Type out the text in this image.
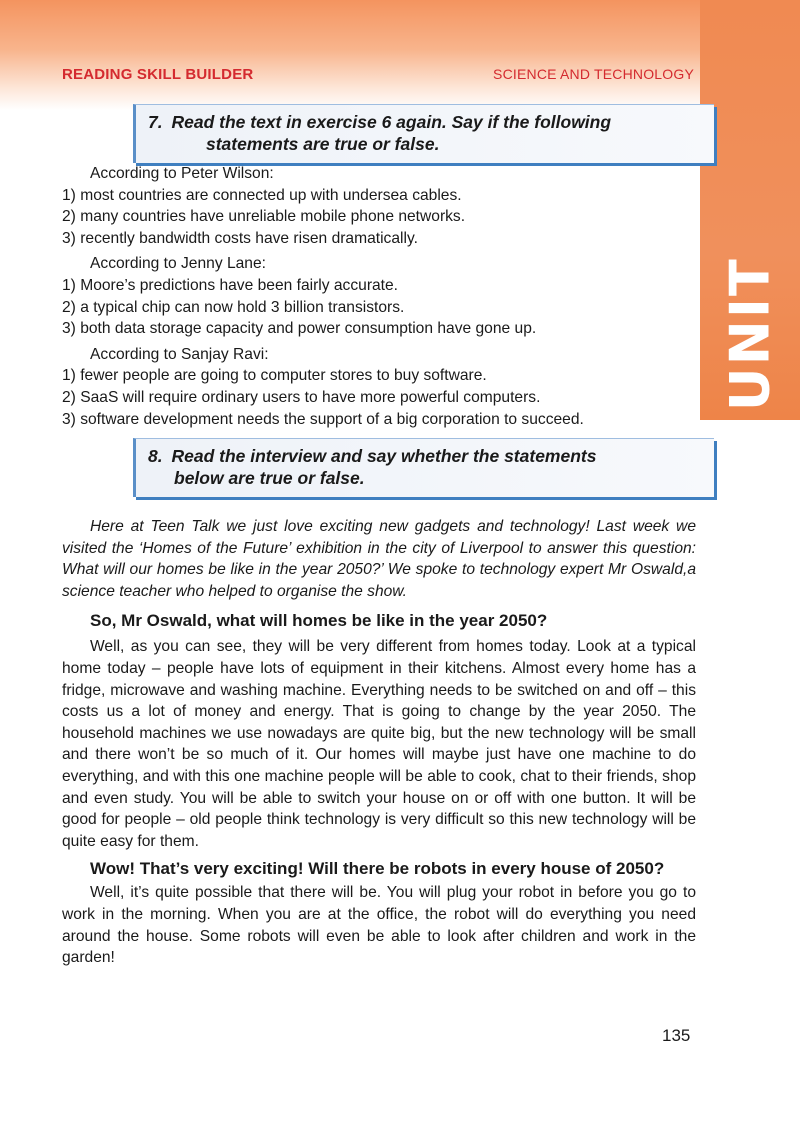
5
UNIT
READING SKILL BUILDER	SCIENCE AND TECHNOLOGY
7. Read the text in exercise 6 again. Say if the following
statements are true or false.
According to Peter Wilson:
1) most countries are connected up with undersea cables.
2) many countries have unreliable mobile phone networks.
3) recently bandwidth costs have risen dramatically.
According to Jenny Lane:
1) Moore’s predictions have been fairly accurate.
2) a typical chip can now hold 3 billion transistors.
3) both data storage capacity and power consumption have gone up.
According to Sanjay Ravi:
1) fewer people are going to computer stores to buy software.
2) SaaS will require ordinary users to have more powerful computers.
3) software development needs the support of a big corporation to succeed.
8. Read the interview and say whether the statements
below are true or false.

Here at Teen Talk we just love exciting new gadgets and technology! Last week we visited the ‘Homes of the Future’ exhibition in the city of Liverpool to answer this question: What will our homes be like in the year 2050?’ We spoke to technology expert Mr Oswald,a science teacher who helped to organise the show.

So, Mr Oswald, what will homes be like in the year 2050?

Well, as you can see, they will be very different from homes today. Look at a typical home today – people have lots of equipment in their kitchens. Almost every home has a fridge, microwave and washing machine. Everything needs to be switched on and off – this costs us a lot of money and energy. That is going to change by the year 2050. The household machines we use nowadays are quite big, but the new technology will be small and there won’t be so much of it. Our homes will maybe just have one machine to do everything, and with this one machine people will be able to cook, chat to their friends, shop and even study. You will be able to switch your house on or off with one button. It will be good for people – old people think technology is very difficult so this new technology will be quite easy for them.

Wow! That’s very exciting! Will there be robots in every house of 2050?

Well, it’s quite possible that there will be. You will plug your robot in before you go to work in the morning. When you are at the office, the robot will do everything you need around the house. Some robots will even be able to look after children and work in the garden!

135
